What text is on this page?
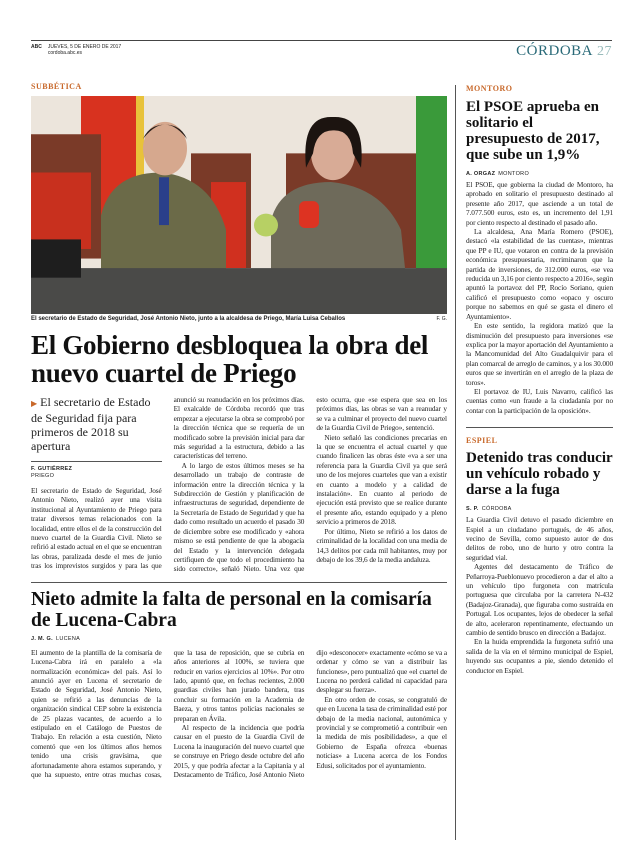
ABC JUEVES, 5 DE ENERO DE 2017
cordoba.abc.es	CÓRDOBA 27
SUBBÉTICA
El secretario de Estado de Seguridad, José Antonio Nieto, junto a la alcaldesa de Priego, María Luisa Ceballos	F. G.
El Gobierno desbloquea la obra del nuevo cuartel de Priego
▶ El secretario de Estado de Seguridad fija para primeros de 2018 su apertura
F. GUTIÉRREZ
PRIEGO

El secretario de Estado de Seguridad, José Antonio Nieto, realizó ayer una visita institucional al Ayuntamiento de Priego para tratar diversos temas relacionados con la localidad, entre ellos el de la construcción del nuevo cuartel de la Guardia Civil. Nieto se refirió al estado actual en el que se encuentran las obras, paralizada desde el mes de junio tras los imprevistos surgidos y para las que anunció su reanudación en los próximos días. El exalcalde de Córdoba recordó que tras empezar a ejecutarse la obra se comprobó por la dirección técnica que se requería de un modificado sobre la previsión inicial para dar más seguridad a la estructura, debido a las características del terreno.

A lo largo de estos últimos meses se ha desarrollado un trabajo de contraste de información entre la dirección técnica y la Subdirección de Gestión y planificación de infraestructuras de seguridad, dependiente de la Secretaría de Estado de Seguridad y que ha dado como resultado un acuerdo el pasado 30 de diciembre sobre ese modificado y «ahora mismo se está pendiente de que la abogacía del Estado y la intervención delegada certifiquen de que todo el procedimiento ha sido correcto», señaló Nieto. Una vez que esto ocurra, que «se espera que sea en los próximos días, las obras se van a reanudar y se va a culminar el proyecto del nuevo cuartel de la Guardia Civil de Priego», sentenció.

Nieto señaló las condiciones precarias en la que se encuentra el actual cuartel y que cuando finalicen las obras éste «va a ser una referencia para la Guardia Civil ya que será uno de los mejores cuarteles que van a existir en cuanto a modelo y a calidad de instalación». En cuanto al periodo de ejecución está previsto que se realice durante el presente año, estando equipado y a pleno servicio a primeros de 2018.

Por último, Nieto se refirió a los datos de criminalidad de la localidad con una media de 14,3 delitos por cada mil habitantes, muy por debajo de los 39,6 de la media andaluza.

Nieto admite la falta de personal en la comisaría de Lucena-Cabra
J. M. G. LUCENA

El aumento de la plantilla de la comisaría de Lucena-Cabra irá en paralelo a «la normalización económica» del país. Así lo anunció ayer en Lucena el secretario de Estado de Seguridad, José Antonio Nieto, quien se refirió a las denuncias de la organización sindical CEP sobre la existencia de 25 plazas vacantes, de acuerdo a lo estipulado en el Catálogo de Puestos de Trabajo. En relación a esta cuestión, Nieto comentó que «en los últimos años hemos tenido una crisis gravísima, que afortunadamente ahora estamos superando, y que ha supuesto, entre otras muchas cosas, que la tasa de reposición, que se cubría en años anteriores al 100%, se tuviera que reducir en varios ejercicios al 10%». Por otro lado, apuntó que, en fechas recientes, 2.000 guardias civiles han jurado bandera, tras concluir su formación en la Academia de Baeza, y otros tantos policías nacionales se preparan en Ávila.

Al respecto de la incidencia que podría causar en el puesto de la Guardia Civil de Lucena la inauguración del nuevo cuartel que se construye en Priego desde octubre del año 2015, y que podría afectar a la Capitanía y al Destacamento de Tráfico, José Antonio Nieto dijo «desconocer» exactamente «cómo se va a ordenar y cómo se van a distribuir las funciones», pero puntualizó que «el cuartel de Lucena no perderá calidad ni capacidad para desplegar su fuerza».

En otro orden de cosas, se congratuló de que en Lucena la tasa de criminalidad esté por debajo de la media nacional, autonómica y provincial y se comprometió a contribuir «en la medida de mis posibilidades», a que el Gobierno de España ofrezca «buenas noticias» a Lucena acerca de los Fondos Edusi, solicitados por el ayuntamiento.

MONTORO
El PSOE aprueba en solitario el presupuesto de 2017, que sube un 1,9%
A. ORGAZ MONTORO

El PSOE, que gobierna la ciudad de Montoro, ha aprobado en solitario el presupuesto destinado al presente año 2017, que asciende a un total de 7.077.500 euros, esto es, un incremento del 1,91 por ciento respecto al destinado el pasado año.

La alcaldesa, Ana María Romero (PSOE), destacó «la estabilidad de las cuentas», mientras que PP e IU, que votaron en contra de la previsión económica presupuestaria, recriminaron que la partida de inversiones, de 312.000 euros, «se vea reducida un 3,16 por ciento respecto a 2016», según apuntó la portavoz del PP, Rocío Soriano, quien calificó el presupuesto como «opaco y oscuro porque no sabemos en qué se gasta el dinero el Ayuntamiento».

En este sentido, la regidora matizó que la disminución del presupuesto para inversiones «se explica por la mayor aportación del Ayuntamiento a la Mancomunidad del Alto Guadalquivir para el plan comarcal de arreglo de caminos, y a los 30.000 euros que se invertirán en el arreglo de la plaza de toros».

El portavoz de IU, Luis Navarro, calificó las cuentas como «un fraude a la ciudadanía por no contar con la participación de la oposición».

ESPIEL
Detenido tras conducir un vehículo robado y darse a la fuga
S. P. CÓRDOBA

La Guardia Civil detuvo el pasado diciembre en Espiel a un ciudadano portugués, de 46 años, vecino de Sevilla, como supuesto autor de dos delitos de robo, uno de hurto y otro contra la seguridad vial.

Agentes del destacamento de Tráfico de Peñarroya-Pueblonuevo procedieron a dar el alto a un vehículo tipo furgoneta con matrícula portuguesa que circulaba por la carretera N-432 (Badajoz-Granada), que figuraba como sustraída en Portugal. Los ocupantes, lejos de obedecer la señal de alto, aceleraron repentinamente, efectuando un cambio de sentido brusco en dirección a Badajoz.

En la huida emprendida la furgoneta sufrió una salida de la vía en el término municipal de Espiel, huyendo sus ocupantes a pie, siendo detenido el conductor en Espiel.
